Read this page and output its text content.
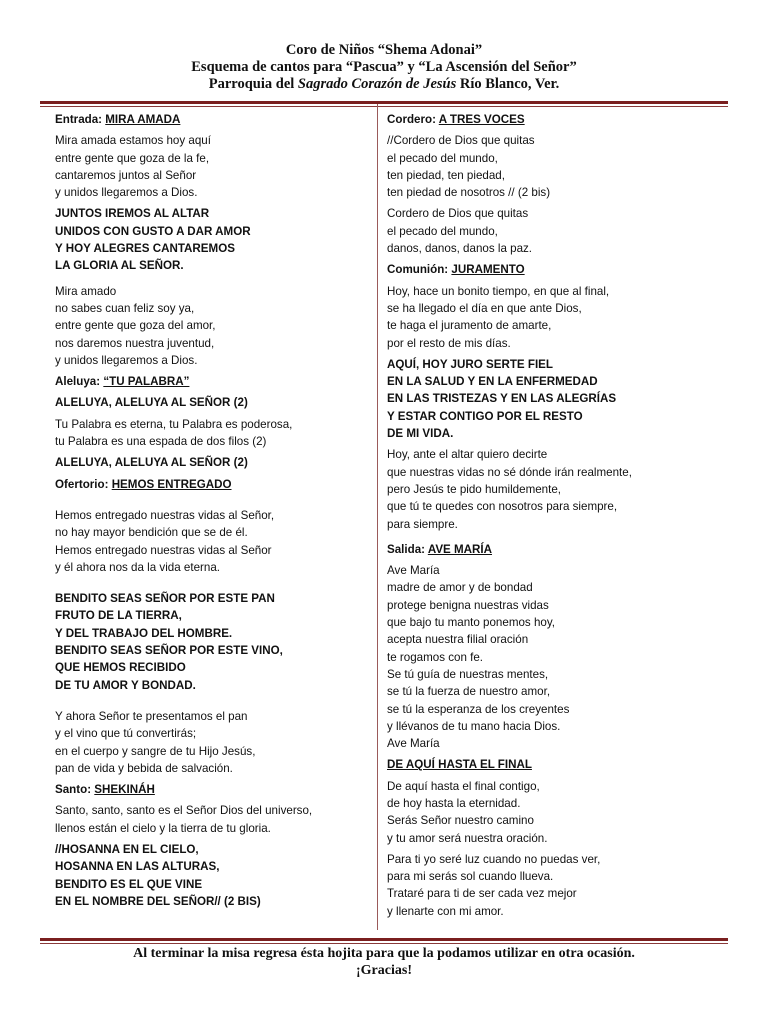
Coro de Niños “Shema Adonai”
Esquema de cantos para “Pascua” y “La Ascensión del Señor”
Parroquia del Sagrado Corazón de Jesús Río Blanco, Ver.
Entrada: MIRA AMADA

Mira amada estamos hoy aquí
entre gente que goza de la fe,
cantaremos juntos al Señor
y unidos llegaremos a Dios.

JUNTOS IREMOS AL ALTAR
UNIDOS CON GUSTO A DAR AMOR
Y HOY ALEGRES CANTAREMOS
LA GLORIA AL SEÑOR.

Mira amado
no sabes cuan feliz soy ya,
entre gente que goza del amor,
nos daremos nuestra juventud,
y unidos llegaremos a Dios.

Aleluya: “TU PALABRA”

ALELUYA, ALELUYA AL SEÑOR (2)

Tu Palabra es eterna, tu Palabra es poderosa,
tu Palabra es una espada de dos filos (2)

ALELUYA, ALELUYA AL SEÑOR (2)

Ofertorio: HEMOS ENTREGADO

Hemos entregado nuestras vidas al Señor,
no hay mayor bendición que se de él.
Hemos entregado nuestras vidas al Señor
y él ahora nos da la vida eterna.

BENDITO SEAS SEÑOR POR ESTE PAN
FRUTO DE LA TIERRA,
Y DEL TRABAJO DEL HOMBRE.
BENDITO SEAS SEÑOR POR ESTE VINO,
QUE HEMOS RECIBIDO
DE TU AMOR Y BONDAD.

Y ahora Señor te presentamos el pan
y el vino que tú convertirás;
en el cuerpo y sangre de tu Hijo Jesús,
pan de vida y bebida de salvación.

Santo: SHEKINÁH

Santo, santo, santo es el Señor Dios del universo,
llenos están el cielo y la tierra de tu gloria.

//HOSANNA EN EL CIELO,
HOSANNA EN LAS ALTURAS,
BENDITO ES EL QUE VINE
EN EL NOMBRE DEL SEÑOR// (2 BIS)

Cordero: A TRES VOCES

//Cordero de Dios que quitas
el pecado del mundo,
ten piedad, ten piedad,
ten piedad de nosotros // (2 bis)

Cordero de Dios que quitas
el pecado del mundo,
danos, danos, danos la paz.

Comunión: JURAMENTO

Hoy, hace un bonito tiempo, en que al final,
se ha llegado el día en que ante Dios,
te haga el juramento de amarte,
por el resto de mis días.

AQUÍ, HOY JURO SERTE FIEL
EN LA SALUD Y EN LA ENFERMEDAD
EN LAS TRISTEZAS Y EN LAS ALEGRÍAS
Y ESTAR CONTIGO POR EL RESTO
DE MI VIDA.

Hoy, ante el altar quiero decirte
que nuestras vidas no sé dónde irán realmente,
pero Jesús te pido humildemente,
que tú te quedes con nosotros para siempre,
para siempre.

Salida: AVE MARÍA

Ave María
madre de amor y de bondad
protege benigna nuestras vidas
que bajo tu manto ponemos hoy,
acepta nuestra filial oración
te rogamos con fe.
Se tú guía de nuestras mentes,
se tú la fuerza de nuestro amor,
se tú la esperanza de los creyentes
y llévanos de tu mano hacia Dios.
Ave María

DE AQUÍ HASTA EL FINAL

De aquí hasta el final contigo,
de hoy hasta la eternidad.
Serás Señor nuestro camino
y tu amor será nuestra oración.

Para ti yo seré luz cuando no puedas ver,
para mi serás sol cuando llueva.
Trataré para ti de ser cada vez mejor
y llenarte con mi amor.

Al terminar la misa regresa ésta hojita para que la podamos utilizar en otra ocasión.
¡Gracias!
